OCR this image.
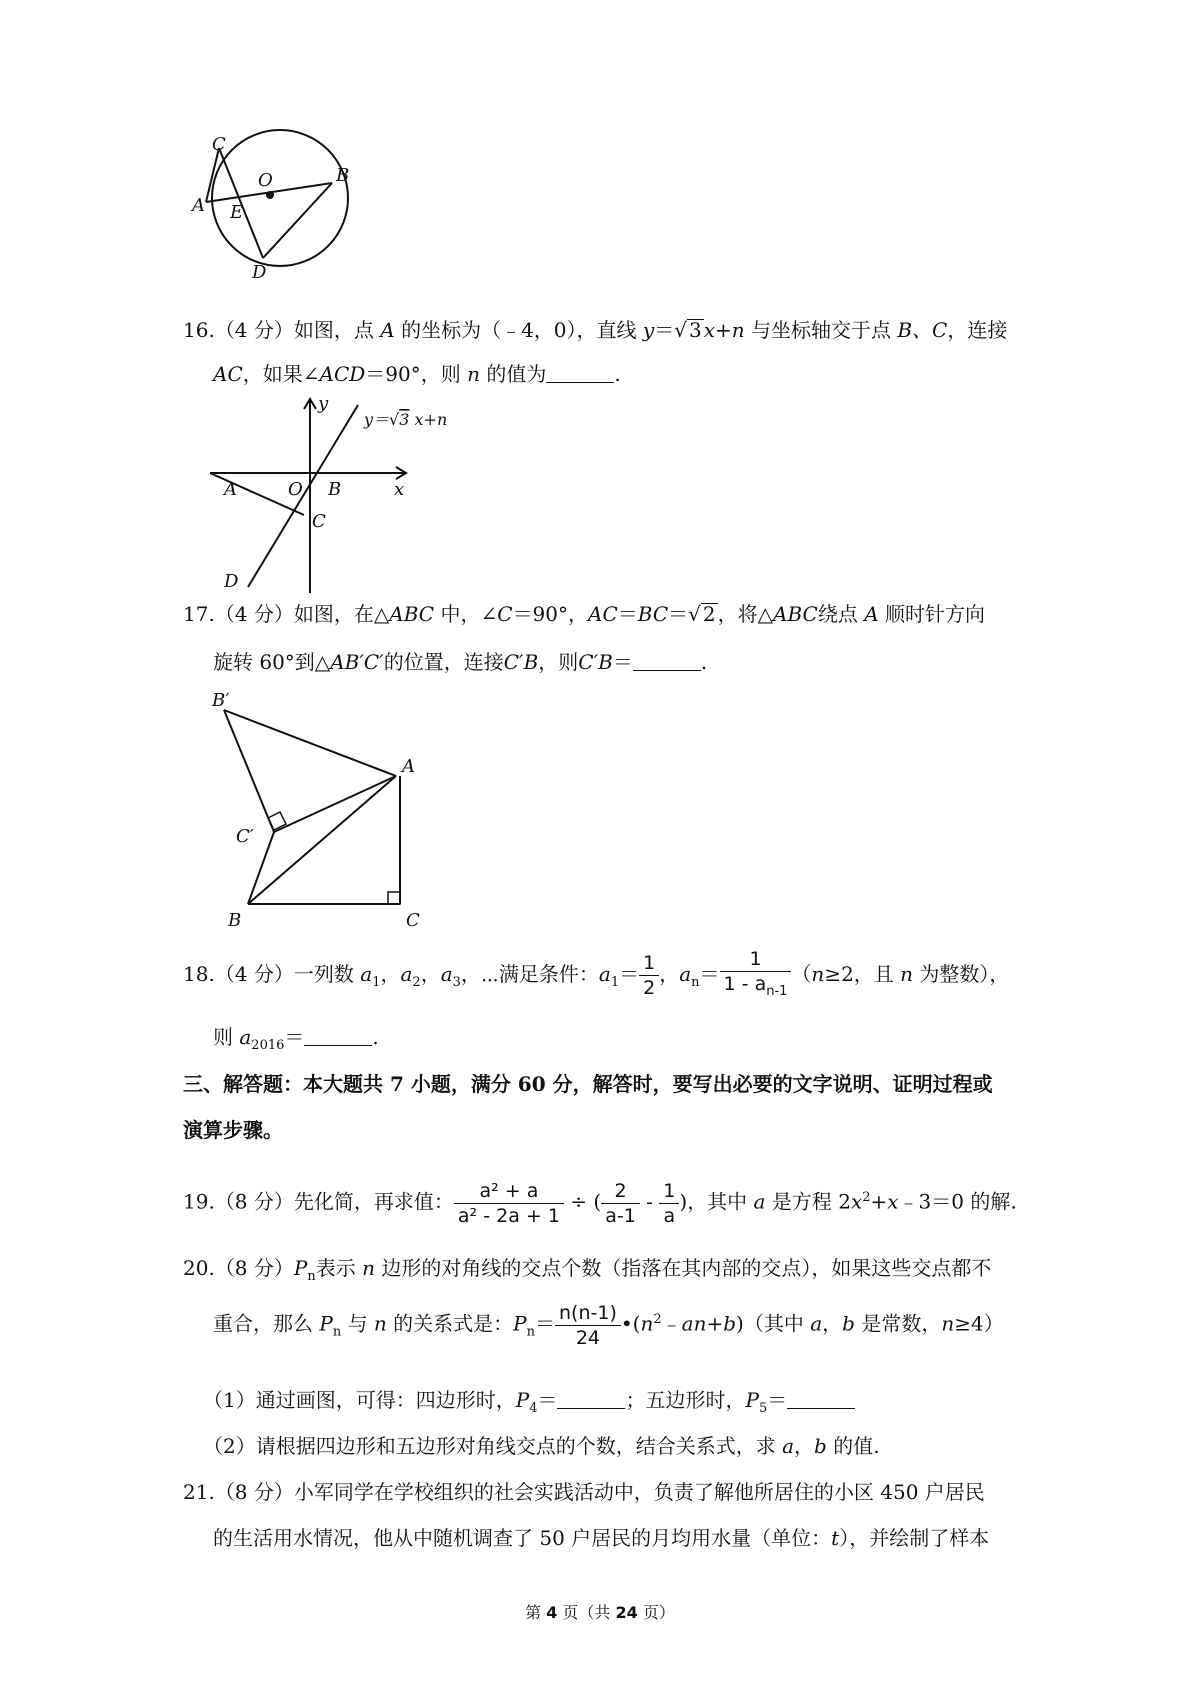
C
O	B
A E
D
16.（4 分）如图，点 A 的坐标为（﹣4，0），直线 y＝√ 3 x+n 与坐标轴交于点 B、C，连接
AC，如果∠ACD＝90°，则 n 的值为	.
y
y＝√3 x+n
A	O B	x
C
D
17.（4 分）如图，在△ABC 中，∠C＝90°，AC＝BC＝√ 2 ，将△ABC绕点 A 顺时针方向
旋转 60°到△AB′C′的位置，连接C′B，则C′B＝	.
B′
A
C′
B	C
18.（4 分）一列数 $a_1$，$a_2$，$a_3$，⋯满足条件：$a_1= \frac{1}{2}$ ，$a_n= \frac{1}{1 - a_{n-1}} (n\ge 2$，且 n 为整数），
则 $a_{2016}=$	.
三、解答题：本大题共 7 小题，满分 60 分，解答时，要写出必要的文字说明、证明过程或
演算步骤。
19.（8 分）先化简，再求值： $\frac{\text{a² + a}}{\text{a² - 2a + 1}}$ ÷ ( $\frac{2}{a-1} - \frac{1}{a}$ )，其中 a 是方程 $2x^2+x﹣3=0$ 的解.
20.（8 分）$P_n$表示 n 边形的对角线的交点个数（指落在其内部的交点），如果这些交点都不
重合，那么 $P_n$ 与 n 的关系式是：$P_n= \frac{n(n-1)}{24}$ $•(n^2﹣an+b)$（其中 a，b 是常数，n≥4）
（1）通过画图，可得：四边形时，$P_4=$	；五边形时，$P_5=$
（2）请根据四边形和五边形对角线交点的个数，结合关系式，求 a，b 的值.
21.（8 分）小军同学在学校组织的社会实践活动中，负责了解他所居住的小区 450 户居民
的生活用水情况，他从中随机调查了 50 户居民的月均用水量（单位：t），并绘制了样本
第 4 页（共 24 页）
